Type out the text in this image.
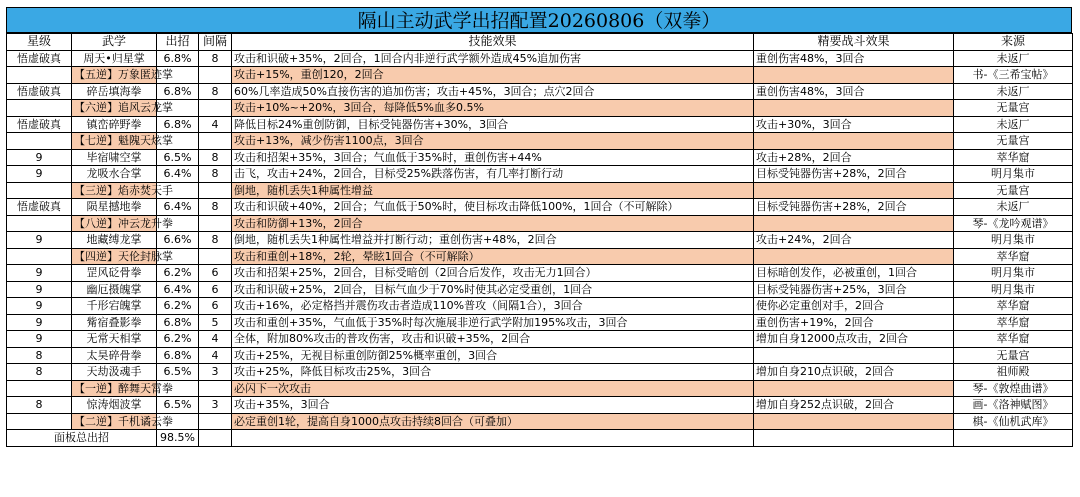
隔山主动武学出招配置20260806（双拳）
星级	武学	出招	间隔	技能效果	精要战斗效果	来源
悟虚破真	周天•归星掌	6.8%	8	攻击和识破+35%，2回合，1回合内非逆行武学额外造成45%追加伤害	重创伤害48%，3回合	未返厂
	【五逆】万象匿迹掌			攻击+15%，重创120，2回合		书-《三希宝帖》
悟虚破真	碎岳填海拳	6.8%	8	60%几率造成50%直接伤害的追加伤害；攻击+45%，3回合；点穴2回合	重创伤害48%，3回合	未返厂
	【六逆】追风云龙掌			攻击+10%~+20%，3回合，每降低5%血多0.5%		无量宫
悟虚破真	镇峦碎野拳	6.8%	4	降低目标24%重创防御，目标受钝器伤害+30%，3回合	攻击+30%，3回合	未返厂
	【七逆】魁隗天炫掌			攻击+13%，减少伤害1100点，3回合		无量宫
9	毕宿啸空掌	6.5%	8	攻击和招架+35%，3回合；气血低于35%时，重创伤害+44%	攻击+28%，2回合	萃华窟
9	龙吸水合掌	6.4%	8	击飞，攻击+24%，2回合，目标受25%跌落伤害，有几率打断行动	目标受钝器伤害+28%，2回合	明月集市
	【三逆】焰赤焚天手			倒地，随机丢失1种属性增益		无量宫
悟虚破真	陨星撼地拳	6.4%	8	攻击和识破+40%，2回合；气血低于50%时，使目标攻击降低100%，1回合（不可解除）	目标受钝器伤害+28%，2回合	未返厂
	【八逆】冲云龙升拳			攻击和防御+13%，2回合		琴-《龙吟观谱》
9	地藏缚龙掌	6.6%	8	倒地，随机丢失1种属性增益并打断行动；重创伤害+48%，2回合	攻击+24%，2回合	明月集市
	【四逆】天伦封脉掌			攻击和重创+18%，2轮，晕眩1回合（不可解除）		萃华窟
9	罡风砭骨拳	6.2%	6	攻击和招架+25%，2回合，目标受暗创（2回合后发作，攻击无力1回合）	目标暗创发作，必被重创，1回合	明月集市
9	幽厄摄魄掌	6.4%	6	攻击和识破+25%，2回合，目标气血少于70%时使其必定受重创，1回合	目标受钝器伤害+25%，3回合	明月集市
9	千形宕魄掌	6.2%	6	攻击+16%，必定格挡并震伤攻击者造成110%普攻（间隔1合），3回合	使你必定重创对手，2回合	萃华窟
9	觜宿叠影拳	6.8%	5	攻击和重创+35%，气血低于35%时每次施展非逆行武学附加195%攻击，3回合	重创伤害+19%，2回合	萃华窟
9	无常天相掌	6.2%	4	全体，附加80%攻击的普攻伤害，攻击和识破+35%，2回合	增加自身12000点攻击，2回合	萃华窟
8	太昊碎骨拳	6.8%	4	攻击+25%，无视目标重创防御25%概率重创，3回合		无量宫
8	天劫汲魂手	6.5%	3	攻击+25%，降低目标攻击25%，3回合	增加自身210点识破，2回合	祖师殿
	【一逆】醉舞天霄拳			必闪下一次攻击		琴-《敦煌曲谱》
8	惊涛烟波掌	6.5%	3	攻击+35%，3回合	增加自身252点识破，2回合	画-《洛神赋图》
	【二逆】千机谲云拳			必定重创1轮，提高自身1000点攻击持续8回合（可叠加）		棋-《仙机武库》
面板总出招		98.5%				
